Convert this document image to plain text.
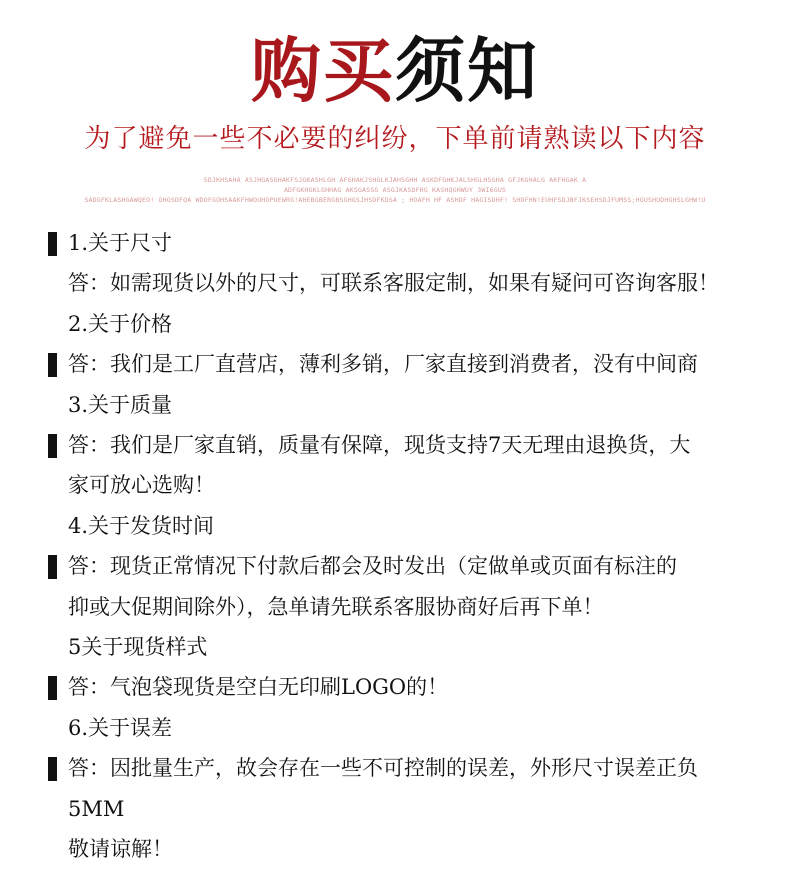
购买须知
为了避免一些不必要的纠纷，下单前请熟读以下内容
SDJKHSAHA ASJHGASGHAKFSJGKASHLGH AFGHAKJSHGLKJAHSGHH ASKDFGHKJALSHGLHSGHA GFJKGHALG AKFHGAK A
ADFGKHGKLGHHAG AKSGASSG ASGJKASDFHG KASHQGHWUY 3WI6GUS
SADGFKLASHGAWQEO! OHGSDFQA WDOFGOHSAAKFHWOUHOPUEWRG!AHEBGBERGBSGHGSJHSDFKDSA ; HOAFH HF ASHDF HAGISDHF! SHDFHN!EUHFSDJBFJKSEHSDJFUMSS;HGUSHUDHGHSLGHW!U
1.关于尺寸
答：如需现货以外的尺寸，可联系客服定制，如果有疑问可咨询客服！
2.关于价格
答：我们是工厂直营店，薄利多销，厂家直接到消费者，没有中间商
3.关于质量
答：我们是厂家直销，质量有保障，现货支持7天无理由退换货，大
家可放心选购！
4.关于发货时间
答：现货正常情况下付款后都会及时发出（定做单或页面有标注的
抑或大促期间除外），急单请先联系客服协商好后再下单！
5关于现货样式
答：气泡袋现货是空白无印刷LOGO的！
6.关于误差
答：因批量生产，故会存在一些不可控制的误差，外形尺寸误差正负
5MM
敬请谅解！
